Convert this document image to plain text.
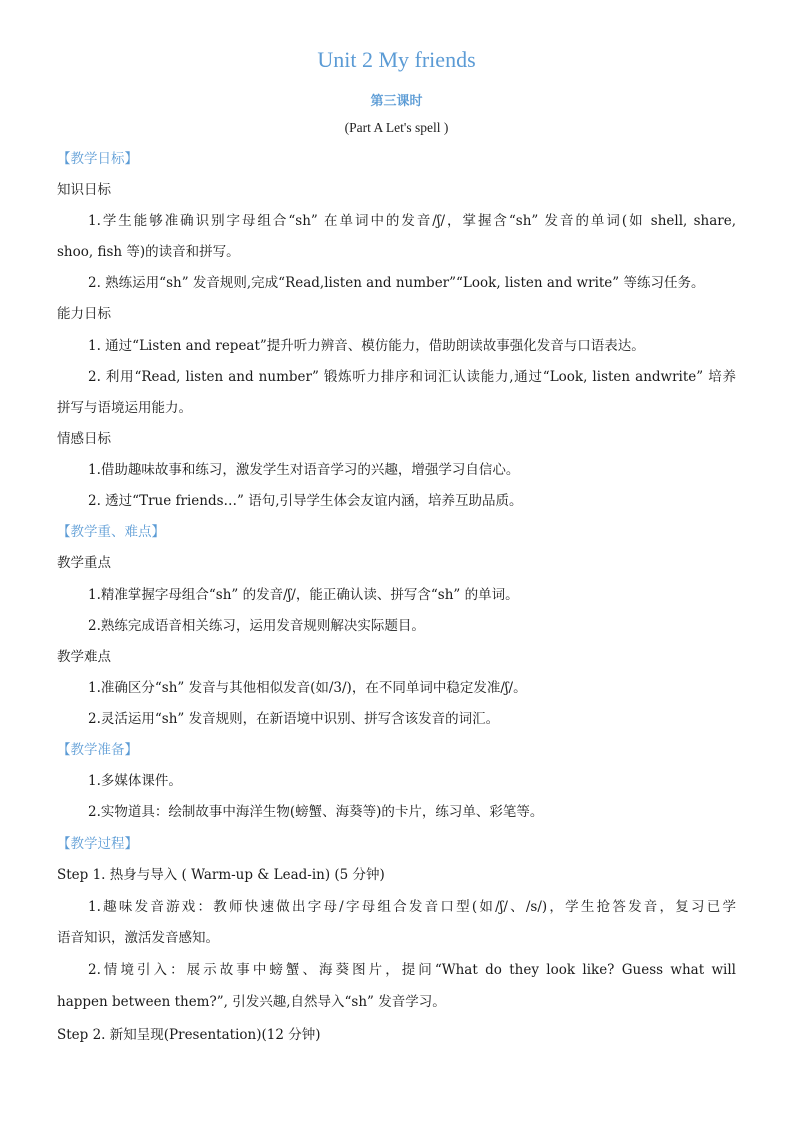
Unit 2 My friends
第三课时
(Part A Let's spell )
【教学日标】
知识日标
1.学生能够准确识别字母组合“sh” 在单词中的发音/ʃ/，掌握含“sh” 发音的单词(如 shell, share,
shoo, fish 等)的读音和拼写。
2. 熟练运用“sh” 发音规则,完成“Read,listen and number”“Look, listen and write” 等练习任务。
能力日标
1. 通过“Listen and repeat”提升听力辨音、模仿能力，借助朗读故事强化发音与口语表达。
2. 利用“Read, listen and number” 锻炼听力排序和词汇认读能力,通过“Look, listen andwrite” 培养
拼写与语境运用能力。
情感日标
1.借助趣味故事和练习，激发学生对语音学习的兴趣，增强学习自信心。
2. 透过“True friends…” 语句,引导学生体会友谊内涵，培养互助品质。
【教学重、难点】
教学重点
1.精准掌握字母组合“sh” 的发音/ʃ/，能正确认读、拼写含“sh” 的单词。
2.熟练完成语音相关练习，运用发音规则解决实际题目。
教学难点
1.准确区分“sh” 发音与其他相似发音(如/3/)，在不同单词中稳定发准/ʃ/。
2.灵活运用“sh” 发音规则，在新语境中识别、拼写含该发音的词汇。
【教学准备】
1.多媒体课件。
2.实物道具：绘制故事中海洋生物(螃蟹、海葵等)的卡片，练习单、彩笔等。
【教学过程】
Step 1. 热身与导入 ( Warm-up & Lead-in) (5 分钟)
1.趣味发音游戏：教师快速做出字母/字母组合发音口型(如/ʃ/、/s/)，学生抢答发音，复习已学
语音知识，激活发音感知。
2.情境引入：展示故事中螃蟹、海葵图片，提问“What do they look like? Guess what will
happen between them?”, 引发兴趣,自然导入“sh” 发音学习。
Step 2. 新知呈现(Presentation)(12 分钟)
